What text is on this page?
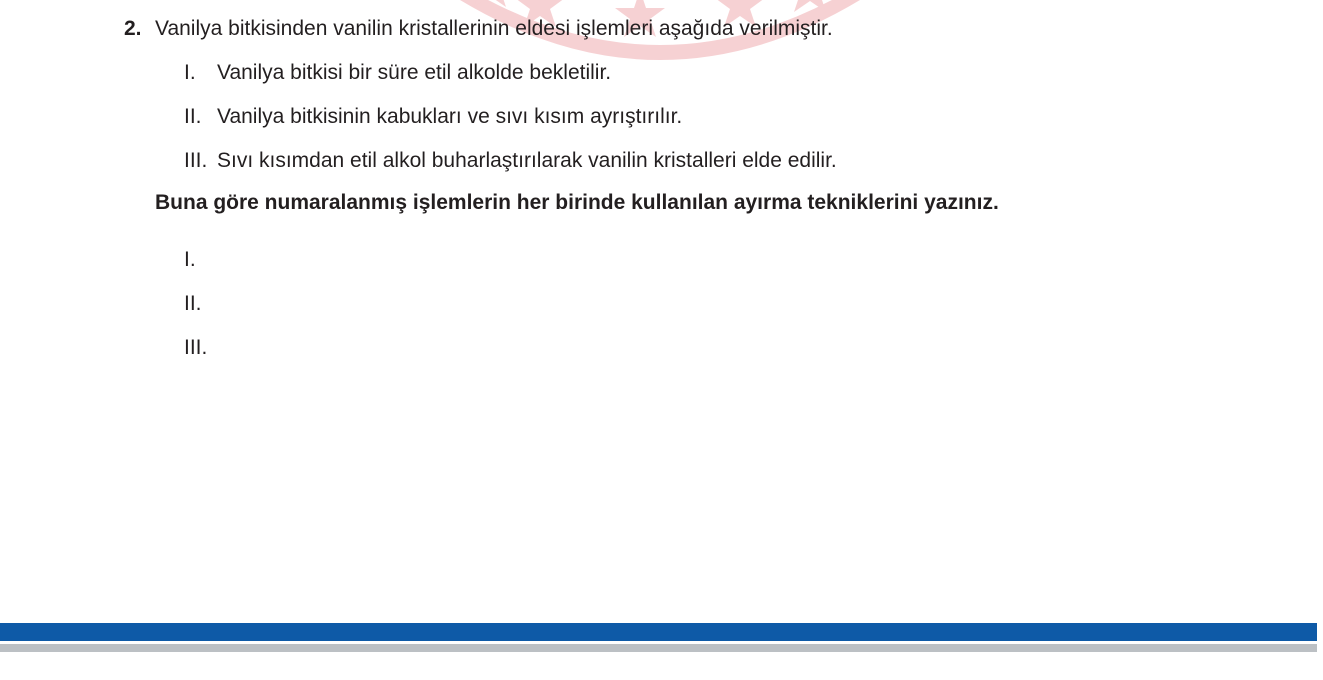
2. Vanilya bitkisinden vanilin kristallerinin eldesi işlemleri aşağıda verilmiştir.
I. Vanilya bitkisi bir süre etil alkolde bekletilir.
II. Vanilya bitkisinin kabukları ve sıvı kısım ayrıştırılır.
III. Sıvı kısımdan etil alkol buharlaştırılarak vanilin kristalleri elde edilir.
Buna göre numaralanmış işlemlerin her birinde kullanılan ayırma tekniklerini yazınız.
I.
II.
III.
